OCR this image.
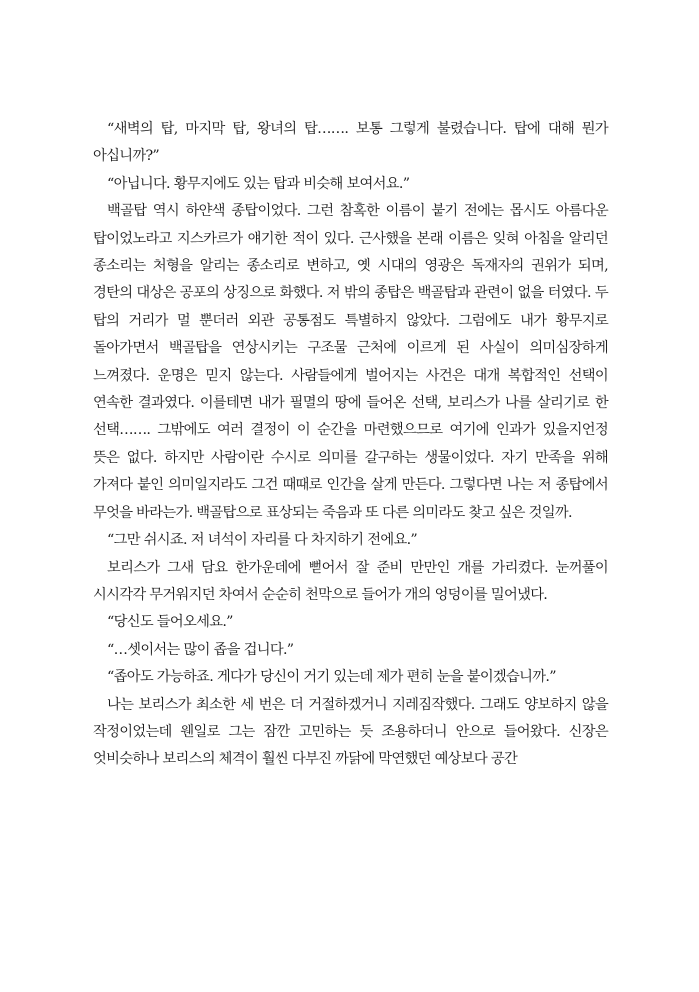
“새벽의 탑, 마지막 탑, 왕녀의 탑……. 보통 그렇게 불렸습니다. 탑에 대해 뭔가 아십니까?”

“아닙니다. 황무지에도 있는 탑과 비슷해 보여서요.”

백골탑 역시 하얀색 종탑이었다. 그런 참혹한 이름이 붙기 전에는 몹시도 아름다운 탑이었노라고 지스카르가 얘기한 적이 있다. 근사했을 본래 이름은 잊혀 아침을 알리던 종소리는 처형을 알리는 종소리로 변하고, 옛 시대의 영광은 독재자의 권위가 되며, 경탄의 대상은 공포의 상징으로 화했다. 저 밖의 종탑은 백골탑과 관련이 없을 터였다. 두 탑의 거리가 멀 뿐더러 외관 공통점도 특별하지 않았다. 그럼에도 내가 황무지로 돌아가면서 백골탑을 연상시키는 구조물 근처에 이르게 된 사실이 의미심장하게 느껴졌다. 운명은 믿지 않는다. 사람들에게 벌어지는 사건은 대개 복합적인 선택이 연속한 결과였다. 이를테면 내가 필멸의 땅에 들어온 선택, 보리스가 나를 살리기로 한 선택……. 그밖에도 여러 결정이 이 순간을 마련했으므로 여기에 인과가 있을지언정 뜻은 없다. 하지만 사람이란 수시로 의미를 갈구하는 생물이었다. 자기 만족을 위해 가져다 붙인 의미일지라도 그건 때때로 인간을 살게 만든다. 그렇다면 나는 저 종탑에서 무엇을 바라는가. 백골탑으로 표상되는 죽음과 또 다른 의미라도 찾고 싶은 것일까.

“그만 쉬시죠. 저 녀석이 자리를 다 차지하기 전에요.”

보리스가 그새 담요 한가운데에 뻗어서 잘 준비 만만인 개를 가리켰다. 눈꺼풀이 시시각각 무거워지던 차여서 순순히 천막으로 들어가 개의 엉덩이를 밀어냈다.

“당신도 들어오세요.”

“…셋이서는 많이 좁을 겁니다.”

“좁아도 가능하죠. 게다가 당신이 거기 있는데 제가 편히 눈을 붙이겠습니까.”

나는 보리스가 최소한 세 번은 더 거절하겠거니 지레짐작했다. 그래도 양보하지 않을 작정이었는데 웬일로 그는 잠깐 고민하는 듯 조용하더니 안으로 들어왔다. 신장은 엇비슷하나 보리스의 체격이 훨씬 다부진 까닭에 막연했던 예상보다 공간
